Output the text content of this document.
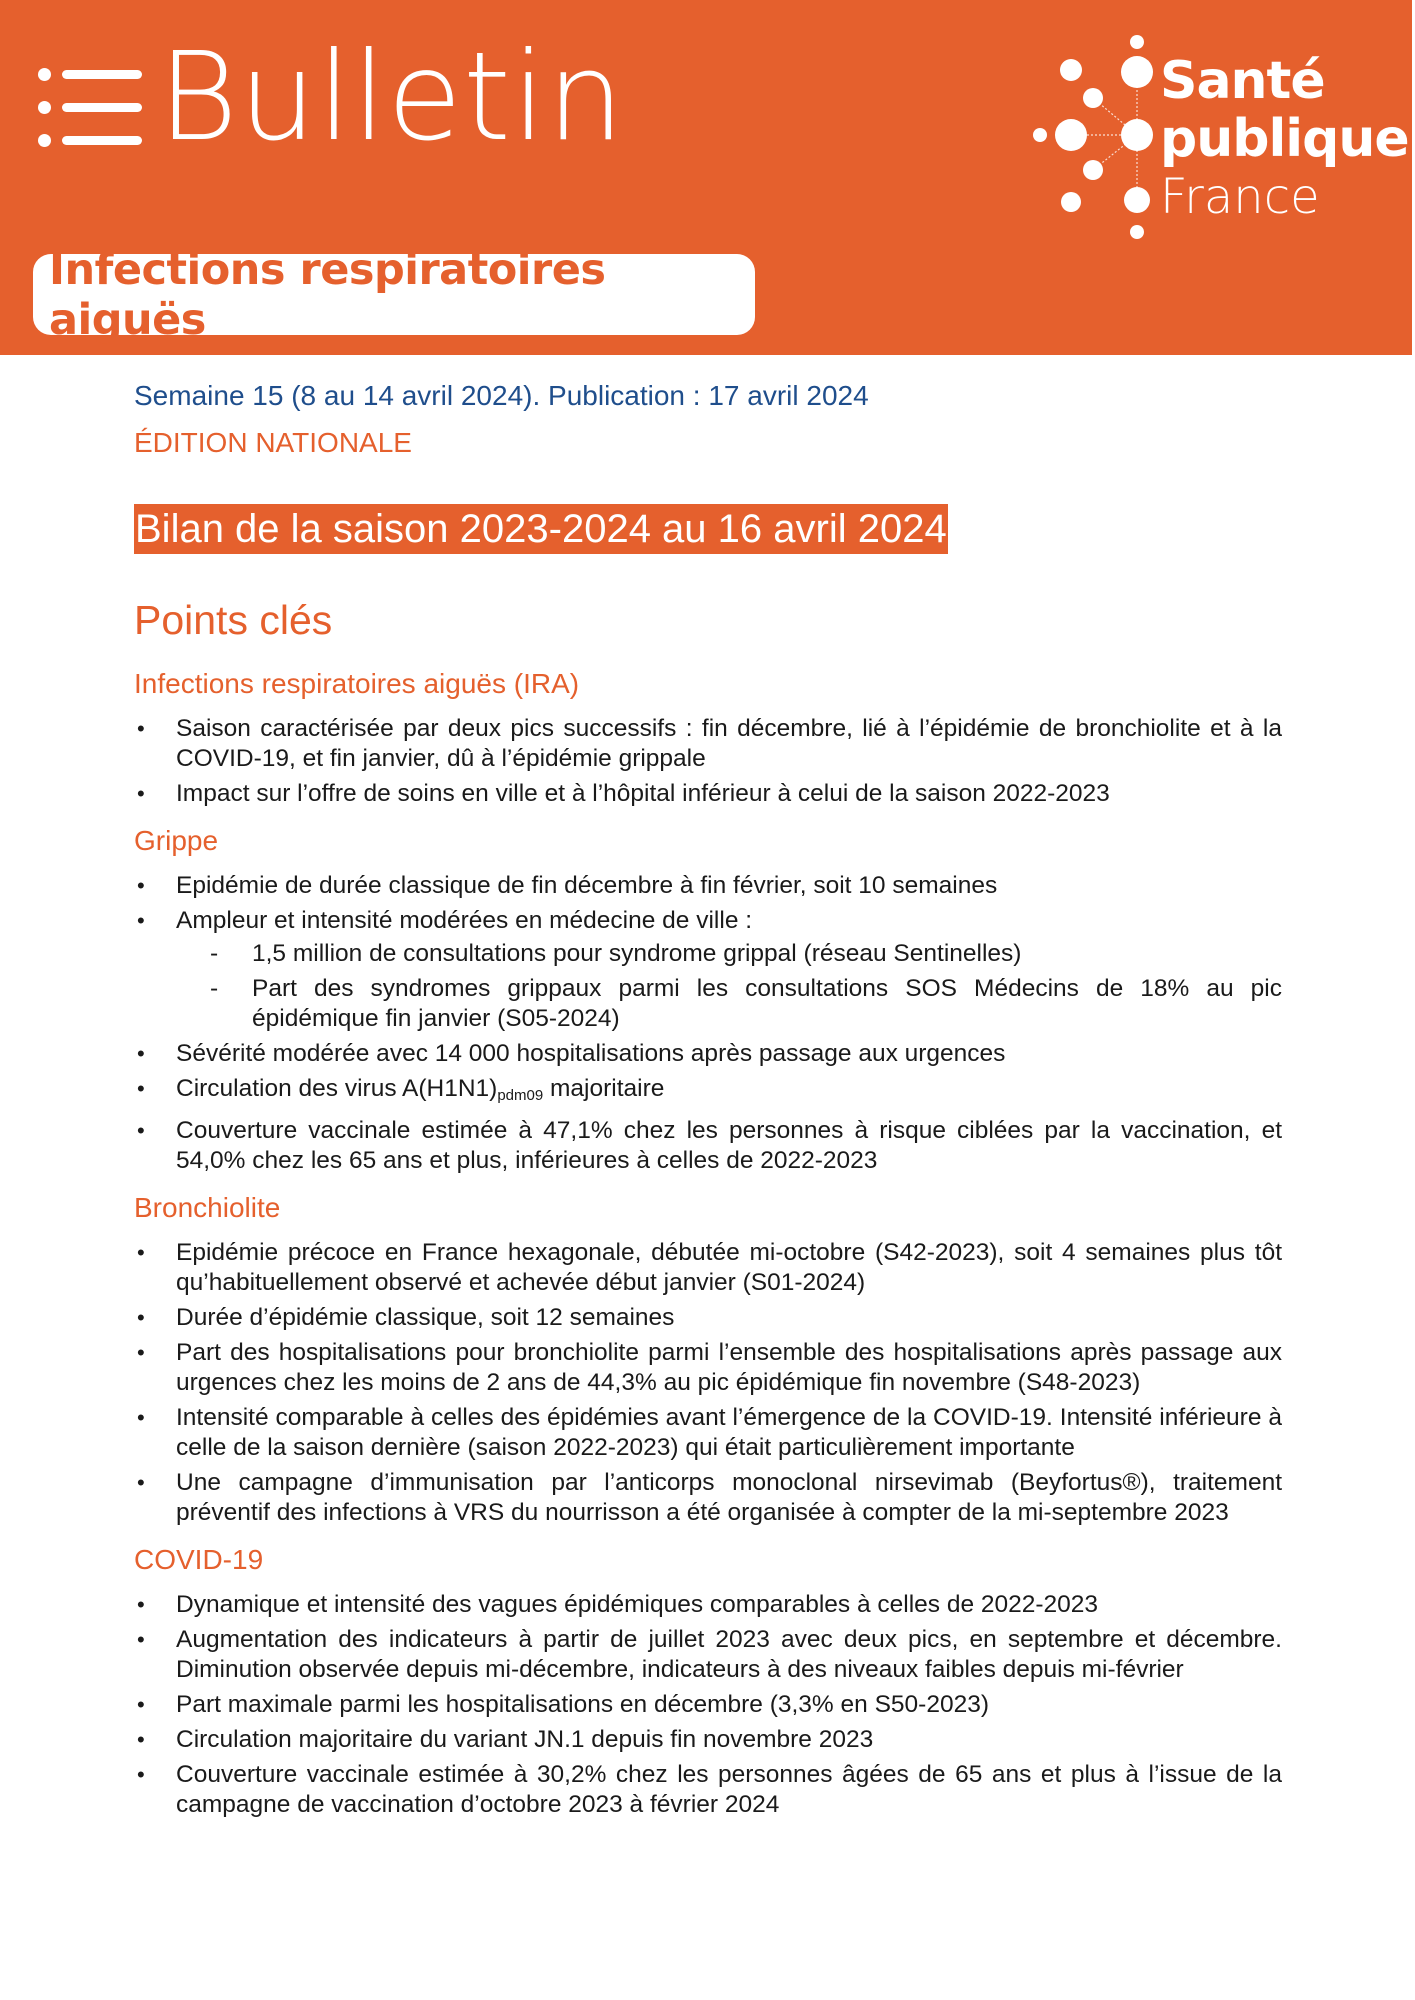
Bulletin
Infections respiratoires aiguës
Santé
publique
France

Semaine 15 (8 au 14 avril 2024). Publication : 17 avril 2024

ÉDITION NATIONALE

Bilan de la saison 2023-2024 au 16 avril 2024
Points clés
Infections respiratoires aiguës (IRA)
• Saison caractérisée par deux pics successifs : fin décembre, lié à l’épidémie de bronchiolite et à la COVID-19, et fin janvier, dû à l’épidémie grippale
• Impact sur l’offre de soins en ville et à l’hôpital inférieur à celui de la saison 2022-2023
Grippe
• Epidémie de durée classique de fin décembre à fin février, soit 10 semaines
• Ampleur et intensité modérées en médecine de ville :
- 1,5 million de consultations pour syndrome grippal (réseau Sentinelles)
- Part des syndromes grippaux parmi les consultations SOS Médecins de 18% au pic épidémique fin janvier (S05-2024)
• Sévérité modérée avec 14 000 hospitalisations après passage aux urgences
• Circulation des virus $A(H1N1)_{pdm09}$ majoritaire
• Couverture vaccinale estimée à 47,1% chez les personnes à risque ciblées par la vaccination, et 54,0% chez les 65 ans et plus, inférieures à celles de 2022-2023
Bronchiolite
• Epidémie précoce en France hexagonale, débutée mi-octobre (S42-2023), soit 4 semaines plus tôt qu’habituellement observé et achevée début janvier (S01-2024)
• Durée d’épidémie classique, soit 12 semaines
• Part des hospitalisations pour bronchiolite parmi l’ensemble des hospitalisations après passage aux urgences chez les moins de 2 ans de 44,3% au pic épidémique fin novembre (S48-2023)
• Intensité comparable à celles des épidémies avant l’émergence de la COVID-19. Intensité inférieure à celle de la saison dernière (saison 2022-2023) qui était particulièrement importante
• Une campagne d’immunisation par l’anticorps monoclonal nirsevimab (Beyfortus®), traitement préventif des infections à VRS du nourrisson a été organisée à compter de la mi-septembre 2023
COVID-19
• Dynamique et intensité des vagues épidémiques comparables à celles de 2022-2023
• Augmentation des indicateurs à partir de juillet 2023 avec deux pics, en septembre et décembre. Diminution observée depuis mi-décembre, indicateurs à des niveaux faibles depuis mi-février
• Part maximale parmi les hospitalisations en décembre (3,3% en S50-2023)
• Circulation majoritaire du variant JN.1 depuis fin novembre 2023
• Couverture vaccinale estimée à 30,2% chez les personnes âgées de 65 ans et plus à l’issue de la campagne de vaccination d’octobre 2023 à février 2024
